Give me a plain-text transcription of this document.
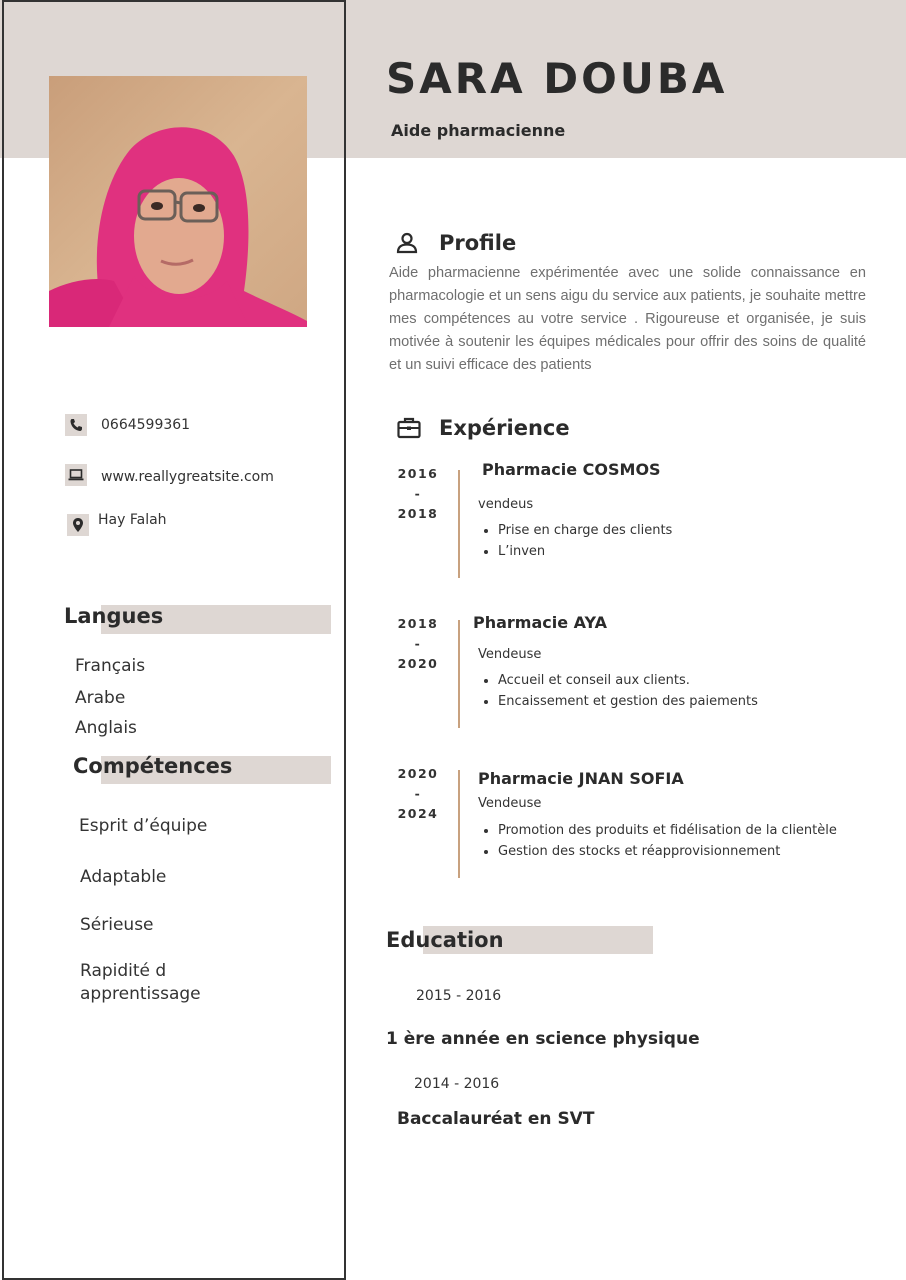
SARA DOUBA
Aide pharmacienne
0664599361
www.reallygreatsite.com
Hay Falah
Langues
Français
Arabe
Anglais
Compétences
Esprit d’équipe
Adaptable
Sérieuse
Rapidité d apprentissage
Profile
Aide pharmacienne expérimentée avec une solide connaissance en pharmacologie et un sens aigu du service aux patients, je souhaite mettre mes compétences au votre service . Rigoureuse et organisée, je suis motivée à soutenir les équipes médicales pour offrir des soins de qualité et un suivi efficace des patients
Expérience
2016
-
2018
Pharmacie COSMOS
vendeus
• Prise en charge des clients
• L’inven
2018
-
2020
Pharmacie AYA
Vendeuse
• Accueil et conseil aux clients.
• Encaissement et gestion des paiements
2020
-
2024
Pharmacie JNAN SOFIA
Vendeuse
• Promotion des produits et fidélisation de la clientèle
• Gestion des stocks et réapprovisionnement
Education
2015 - 2016
1 ère année en science physique
2014 - 2016
Baccalauréat en SVT
